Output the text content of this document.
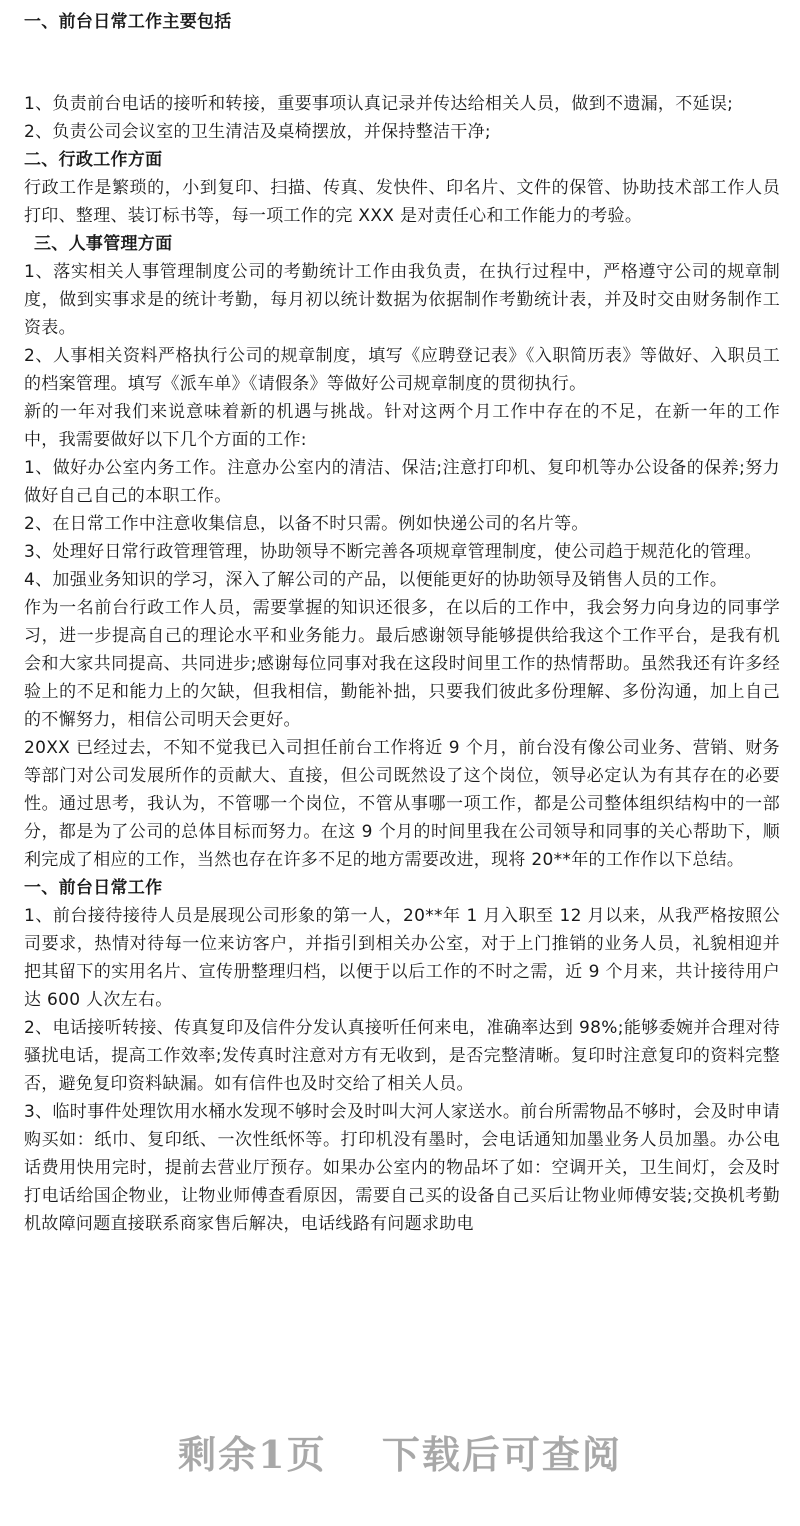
一、前台日常工作主要包括

1、负责前台电话的接听和转接，重要事项认真记录并传达给相关人员，做到不遗漏，不延误;

2、负责公司会议室的卫生清洁及桌椅摆放，并保持整洁干净;

二、行政工作方面

行政工作是繁琐的，小到复印、扫描、传真、发快件、印名片、文件的保管、协助技术部工作人员打印、整理、装订标书等，每一项工作的完 XXX 是对责任心和工作能力的考验。

三、人事管理方面

1、落实相关人事管理制度公司的考勤统计工作由我负责，在执行过程中，严格遵守公司的规章制度，做到实事求是的统计考勤，每月初以统计数据为依据制作考勤统计表，并及时交由财务制作工资表。

2、人事相关资料严格执行公司的规章制度，填写《应聘登记表》《入职简历表》等做好、入职员工的档案管理。填写《派车单》《请假条》等做好公司规章制度的贯彻执行。

新的一年对我们来说意味着新的机遇与挑战。针对这两个月工作中存在的不足，在新一年的工作中，我需要做好以下几个方面的工作:

1、做好办公室内务工作。注意办公室内的清洁、保洁;注意打印机、复印机等办公设备的保养;努力做好自己自己的本职工作。

2、在日常工作中注意收集信息，以备不时只需。例如快递公司的名片等。

3、处理好日常行政管理管理，协助领导不断完善各项规章管理制度，使公司趋于规范化的管理。

4、加强业务知识的学习，深入了解公司的产品，以便能更好的协助领导及销售人员的工作。

作为一名前台行政工作人员，需要掌握的知识还很多，在以后的工作中，我会努力向身边的同事学习，进一步提高自己的理论水平和业务能力。最后感谢领导能够提供给我这个工作平台，是我有机会和大家共同提高、共同进步;感谢每位同事对我在这段时间里工作的热情帮助。虽然我还有许多经验上的不足和能力上的欠缺，但我相信，勤能补拙，只要我们彼此多份理解、多份沟通，加上自己的不懈努力，相信公司明天会更好。

20XX 已经过去，不知不觉我已入司担任前台工作将近 9 个月，前台没有像公司业务、营销、财务等部门对公司发展所作的贡献大、直接，但公司既然设了这个岗位，领导必定认为有其存在的必要性。通过思考，我认为，不管哪一个岗位，不管从事哪一项工作，都是公司整体组织结构中的一部分，都是为了公司的总体目标而努力。在这 9 个月的时间里我在公司领导和同事的关心帮助下，顺利完成了相应的工作，当然也存在许多不足的地方需要改进，现将 20**年的工作作以下总结。

一、前台日常工作

1、前台接待接待人员是展现公司形象的第一人，20**年 1 月入职至 12 月以来，从我严格按照公司要求，热情对待每一位来访客户，并指引到相关办公室，对于上门推销的业务人员，礼貌相迎并把其留下的实用名片、宣传册整理归档，以便于以后工作的不时之需，近 9 个月来，共计接待用户达 600 人次左右。

2、电话接听转接、传真复印及信件分发认真接听任何来电，准确率达到 98%;能够委婉并合理对待骚扰电话，提高工作效率;发传真时注意对方有无收到，是否完整清晰。复印时注意复印的资料完整否，避免复印资料缺漏。如有信件也及时交给了相关人员。

3、临时事件处理饮用水桶水发现不够时会及时叫大河人家送水。前台所需物品不够时，会及时申请购买如：纸巾、复印纸、一次性纸怀等。打印机没有墨时，会电话通知加墨业务人员加墨。办公电话费用快用完时，提前去营业厅预存。如果办公室内的物品坏了如：空调开关，卫生间灯，会及时打电话给国企物业，让物业师傅查看原因，需要自己买的设备自己买后让物业师傅安装;交换机考勤机故障问题直接联系商家售后解决，电话线路有问题求助电

剩余1页 下载后可查阅
